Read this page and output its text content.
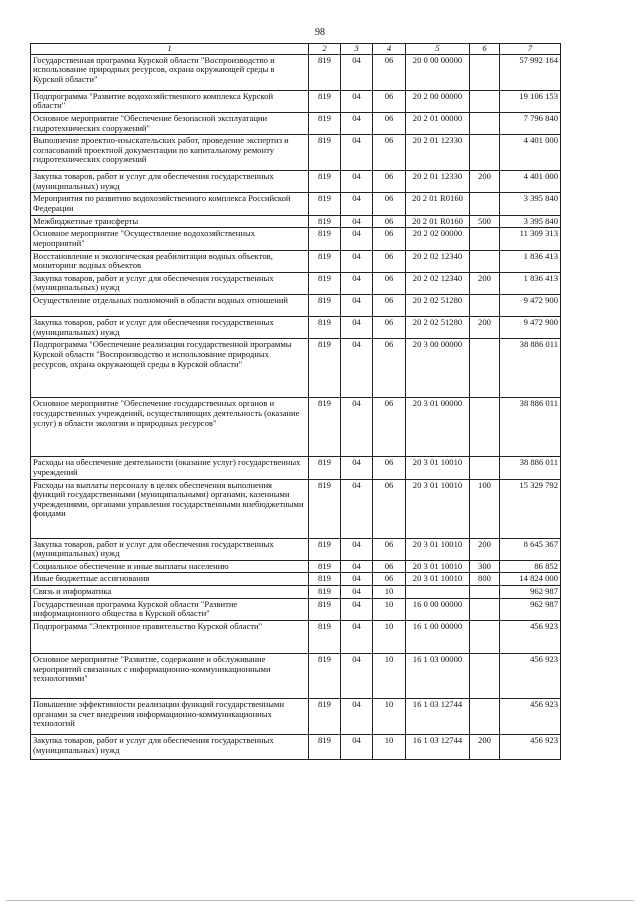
98
1	2	3	4	5	6	7
Государственная программа Курской области "Воспроизводство и использование природных ресурсов, охрана окружающей среды в Курской области"	819	04	06	20 0 00 00000		57 992 164
Подпрограмма "Развитие водохозяйственного комплекса Курской области"	819	04	06	20 2 00 00000		19 106 153
Основное мероприятие "Обеспечение безопасной эксплуатации гидротехнических сооружений"	819	04	06	20 2 01 00000		7 796 840
Выполнение проектно-изыскательских работ, проведение экспертиз и согласований проектной документации по капитальному ремонту гидротехнических сооружений	819	04	06	20 2 01 12330		4 401 000
Закупка товаров, работ и услуг для обеспечения государственных (муниципальных) нужд	819	04	06	20 2 01 12330	200	4 401 000
Мероприятия по развитию водохозяйственного комплекса Российской Федерации	819	04	06	20 2 01 R0160		3 395 840
Межбюджетные трансферты	819	04	06	20 2 01 R0160	500	3 395 840
Основное мероприятие "Осуществление водохозяйственных мероприятий"	819	04	06	20 2 02 00000		11 309 313
Восстановление и экологическая реабилитация водных объектов, мониторинг водных объектов	819	04	06	20 2 02 12340		1 836 413
Закупка товаров, работ и услуг для обеспечения государственных (муниципальных) нужд	819	04	06	20 2 02 12340	200	1 836 413
Осуществление отдельных полномочий в области водных отношений	819	04	06	20 2 02 51280		9 472 900
Закупка товаров, работ и услуг для обеспечения государственных (муниципальных) нужд	819	04	06	20 2 02 51280	200	9 472 900
Подпрограмма "Обеспечение реализации государственной программы Курской области "Воспроизводство и использование природных ресурсов, охрана окружающей среды в Курской области"	819	04	06	20 3 00 00000		38 886 011
Основное мероприятие "Обеспечение государственных органов и государственных учреждений, осуществляющих деятельность (оказание услуг) в области экологии и природных ресурсов"	819	04	06	20 3 01 00000		38 886 011
Расходы на обеспечение деятельности (оказание услуг) государственных учреждений	819	04	06	20 3 01 10010		38 886 011
Расходы на выплаты персоналу в целях обеспечения выполнения функций государственными (муниципальными) органами, казенными учреждениями, органами управления государственными внебюджетными фондами	819	04	06	20 3 01 10010	100	15 329 792
Закупка товаров, работ и услуг для обеспечения государственных (муниципальных) нужд	819	04	06	20 3 01 10010	200	8 645 367
Социальное обеспечение и иные выплаты населению	819	04	06	20 3 01 10010	300	86 852
Иные бюджетные ассигнования	819	04	06	20 3 01 10010	800	14 824 000
Связь и информатика	819	04	10			962 987
Государственная программа Курской области "Развитие информационного общества в Курской области"	819	04	10	16 0 00 00000		962 987
Подпрограмма "Электронное правительство Курской области"	819	04	10	16 1 00 00000		456 923
Основное мероприятие "Развитие, содержание и обслуживание мероприятий связанных с информационно-коммуникационными технологиями"	819	04	10	16 1 03 00000		456 923
Повышение эффективности реализации функций государственными органами за счет внедрения информационно-коммуникационных технологий	819	04	10	16 1 03 12744		456 923
Закупка товаров, работ и услуг для обеспечения государственных (муниципальных) нужд	819	04	10	16 1 03 12744	200	456 923
